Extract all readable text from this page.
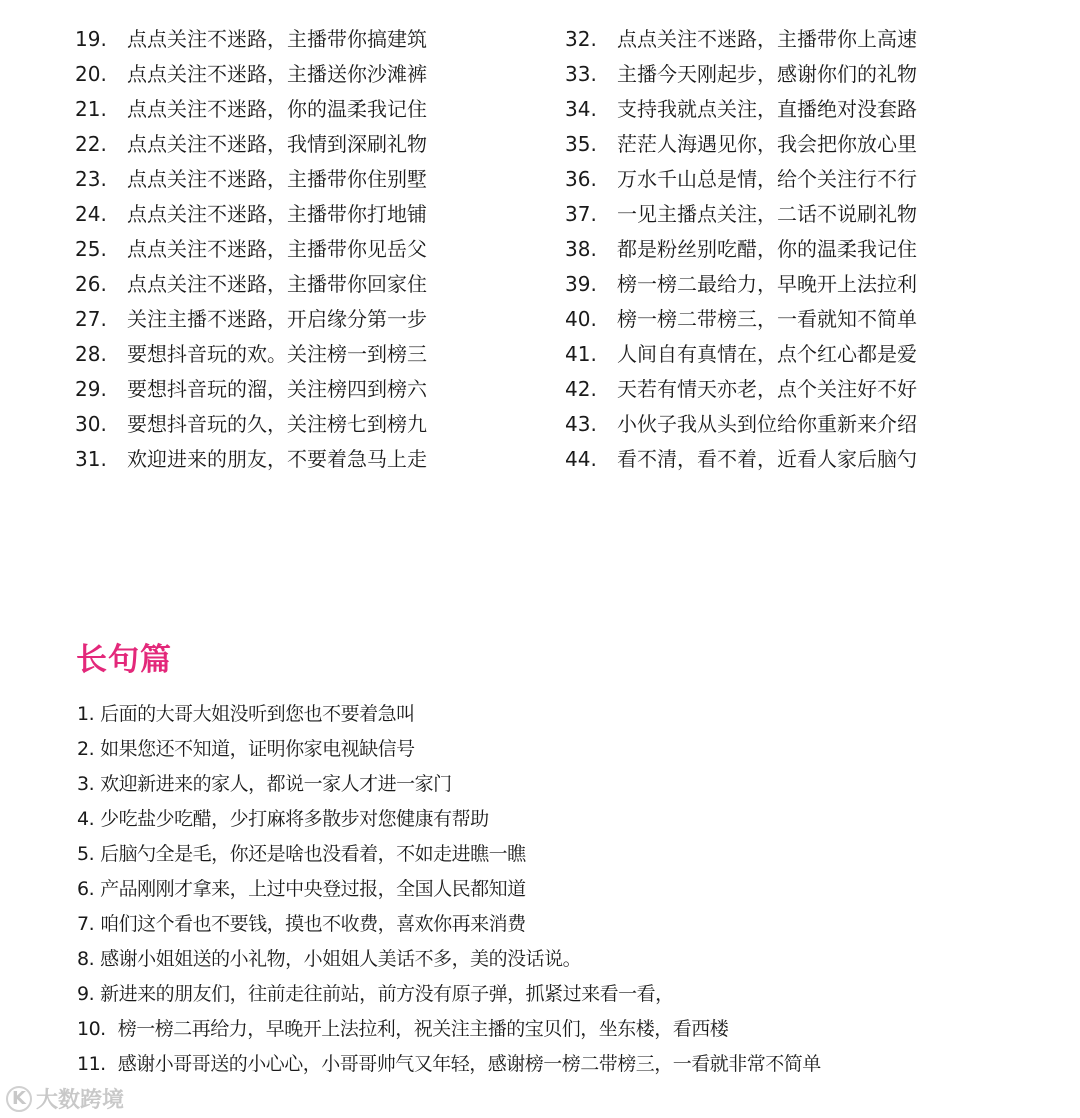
19.	点点关注不迷路，主播带你搞建筑
20.	点点关注不迷路，主播送你沙滩裤
21.	点点关注不迷路，你的温柔我记住
22.	点点关注不迷路，我情到深刷礼物
23.	点点关注不迷路，主播带你住别墅
24.	点点关注不迷路，主播带你打地铺
25.	点点关注不迷路，主播带你见岳父
26.	点点关注不迷路，主播带你回家住
27.	关注主播不迷路，开启缘分第一步
28.	要想抖音玩的欢。关注榜一到榜三
29.	要想抖音玩的溜，关注榜四到榜六
30.	要想抖音玩的久，关注榜七到榜九
31.	欢迎进来的朋友，不要着急马上走
32.	点点关注不迷路，主播带你上高速
33.	主播今天刚起步，感谢你们的礼物
34.	支持我就点关注，直播绝对没套路
35.	茫茫人海遇见你，我会把你放心里
36.	万水千山总是情，给个关注行不行
37.	一见主播点关注，二话不说刷礼物
38.	都是粉丝别吃醋，你的温柔我记住
39.	榜一榜二最给力，早晚开上法拉利
40.	榜一榜二带榜三，一看就知不简单
41.	人间自有真情在，点个红心都是爱
42.	天若有情天亦老，点个关注好不好
43.	小伙子我从头到位给你重新来介绍
44.	看不清，看不着，近看人家后脑勺
长句篇
1. 后面的大哥大姐没听到您也不要着急叫
2. 如果您还不知道，证明你家电视缺信号
3. 欢迎新进来的家人，都说一家人才进一家门
4. 少吃盐少吃醋，少打麻将多散步对您健康有帮助
5. 后脑勺全是毛，你还是啥也没看着，不如走进瞧一瞧
6. 产品刚刚才拿来，上过中央登过报，全国人民都知道
7. 咱们这个看也不要钱，摸也不收费，喜欢你再来消费
8. 感谢小姐姐送的小礼物，小姐姐人美话不多，美的没话说。
9. 新进来的朋友们，往前走往前站，前方没有原子弹，抓紧过来看一看，
10. 榜一榜二再给力，早晚开上法拉利，祝关注主播的宝贝们，坐东楼，看西楼
11. 感谢小哥哥送的小心心，小哥哥帅气又年轻，感谢榜一榜二带榜三，一看就非常不简单
K 大数跨境
